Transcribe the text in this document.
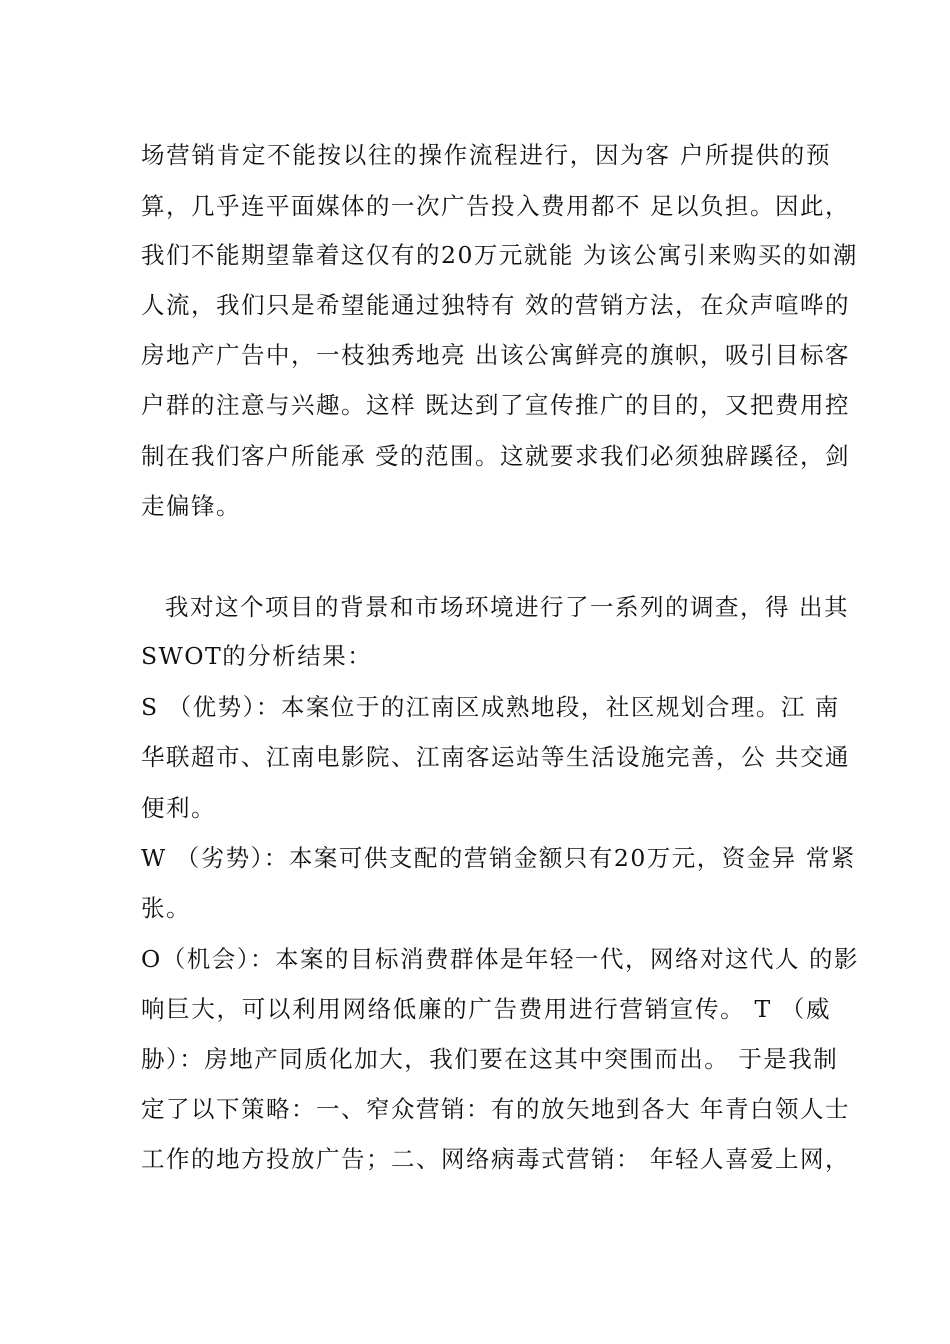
场营销肯定不能按以往的操作流程进行，因为客 户所提供的预
算，几乎连平面媒体的一次广告投入费用都不 足以负担。因此，
我们不能期望靠着这仅有的20万元就能 为该公寓引来购买的如潮
人流，我们只是希望能通过独特有 效的营销方法，在众声喧哗的
房地产广告中，一枝独秀地亮 出该公寓鲜亮的旗帜，吸引目标客
户群的注意与兴趣。这样 既达到了宣传推广的目的，又把费用控
制在我们客户所能承 受的范围。这就要求我们必须独辟蹊径，剑
走偏锋。
我对这个项目的背景和市场环境进行了一系列的调查，得 出其
SWOT的分析结果：
S （优势）：本案位于的江南区成熟地段，社区规划合理。江 南
华联超市、江南电影院、江南客运站等生活设施完善，公 共交通
便利。
W （劣势）：本案可供支配的营销金额只有20万元，资金异 常紧
张。
O（机会）：本案的目标消费群体是年轻一代，网络对这代人 的影
响巨大，可以利用网络低廉的广告费用进行营销宣传。 T （威
胁）：房地产同质化加大，我们要在这其中突围而出。 于是我制
定了以下策略：一、窄众营销：有的放矢地到各大 年青白领人士
工作的地方投放广告；二、网络病毒式营销： 年轻人喜爱上网，
